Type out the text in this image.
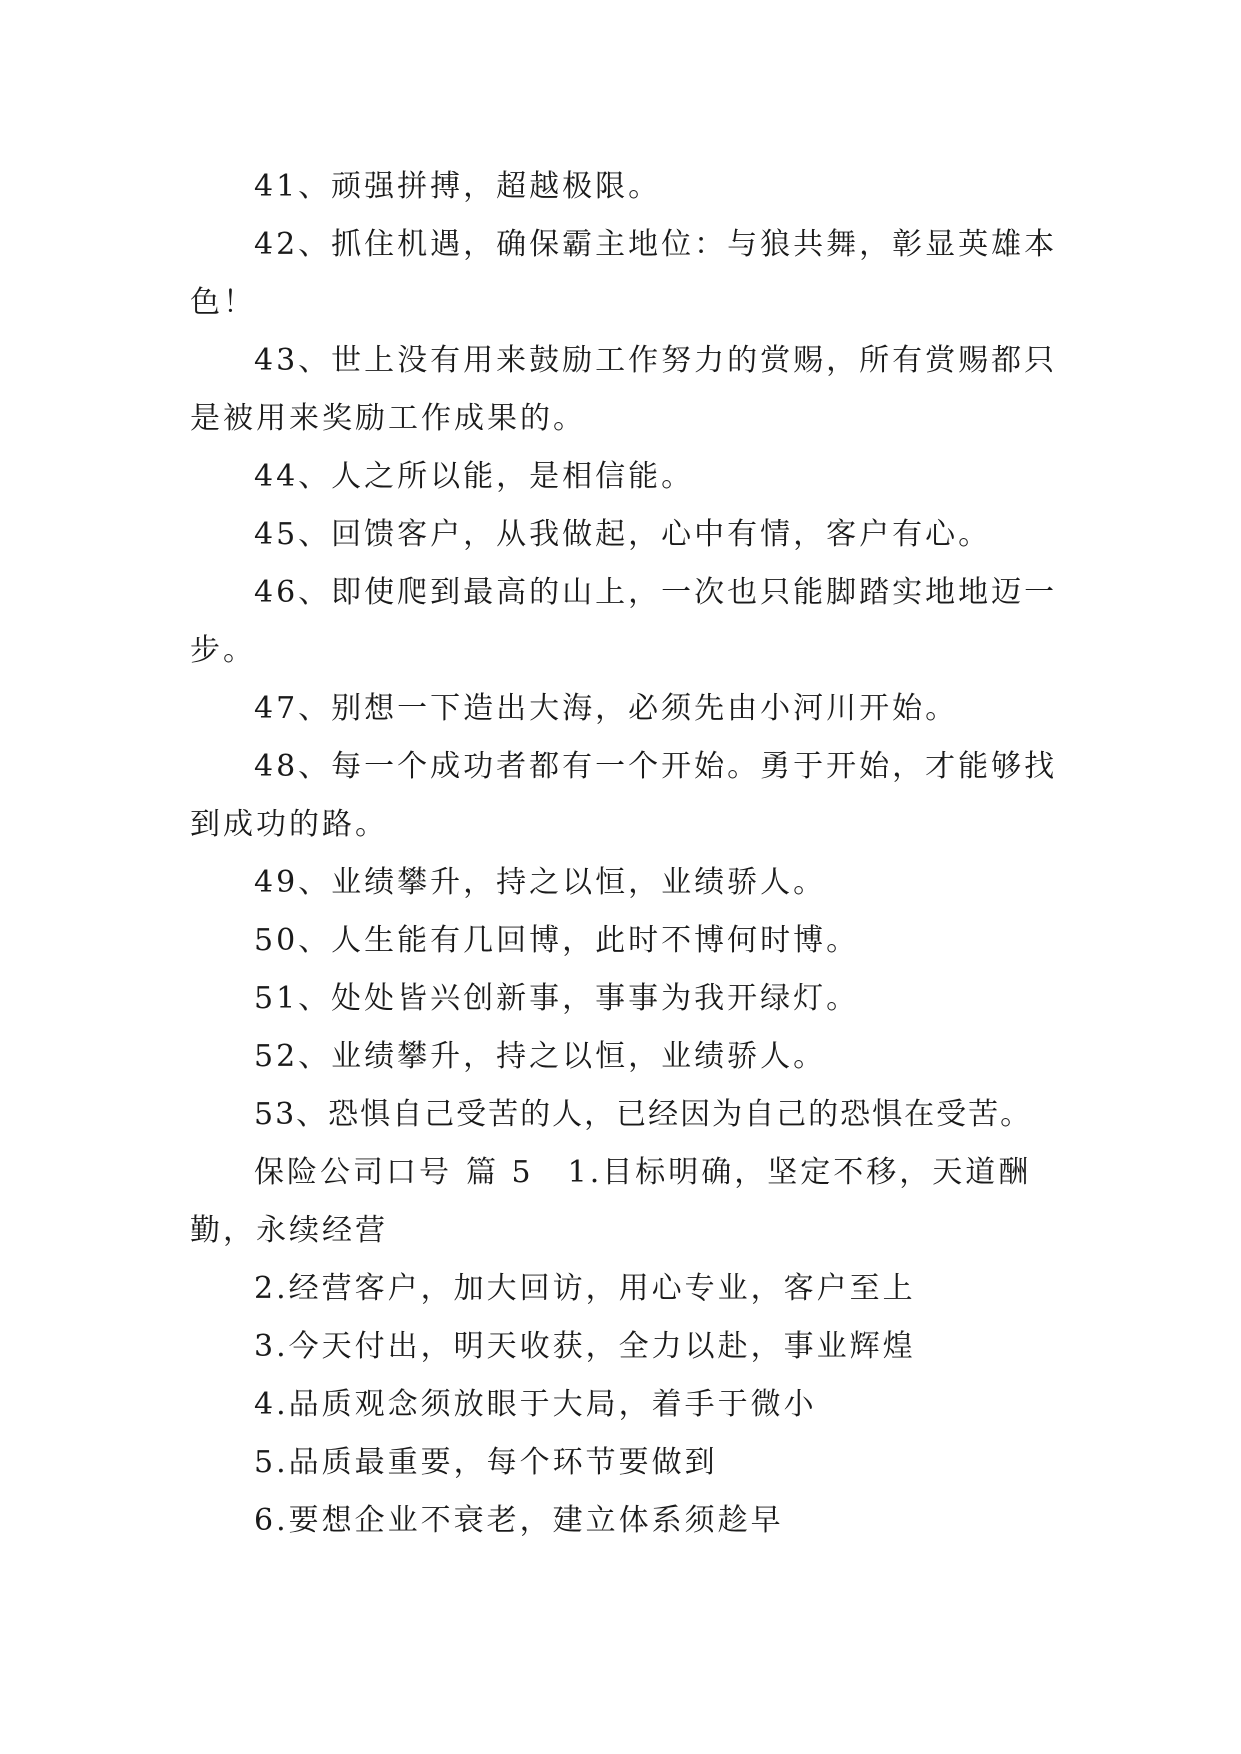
41、顽强拼搏，超越极限。

42、抓住机遇，确保霸主地位：与狼共舞，彰显英雄本色！

43、世上没有用来鼓励工作努力的赏赐，所有赏赐都只是被用来奖励工作成果的。

44、人之所以能，是相信能。

45、回馈客户，从我做起，心中有情，客户有心。

46、即使爬到最高的山上，一次也只能脚踏实地地迈一步。

47、别想一下造出大海，必须先由小河川开始。

48、每一个成功者都有一个开始。勇于开始，才能够找到成功的路。

49、业绩攀升，持之以恒，业绩骄人。

50、人生能有几回博，此时不博何时博。

51、处处皆兴创新事，事事为我开绿灯。

52、业绩攀升，持之以恒，业绩骄人。

53、恐惧自己受苦的人，已经因为自己的恐惧在受苦。

保险公司口号 篇 5 1.目标明确，坚定不移，天道酬勤，永续经营

2.经营客户，加大回访，用心专业，客户至上

3.今天付出，明天收获，全力以赴，事业辉煌

4.品质观念须放眼于大局，着手于微小

5.品质最重要，每个环节要做到

6.要想企业不衰老，建立体系须趁早
